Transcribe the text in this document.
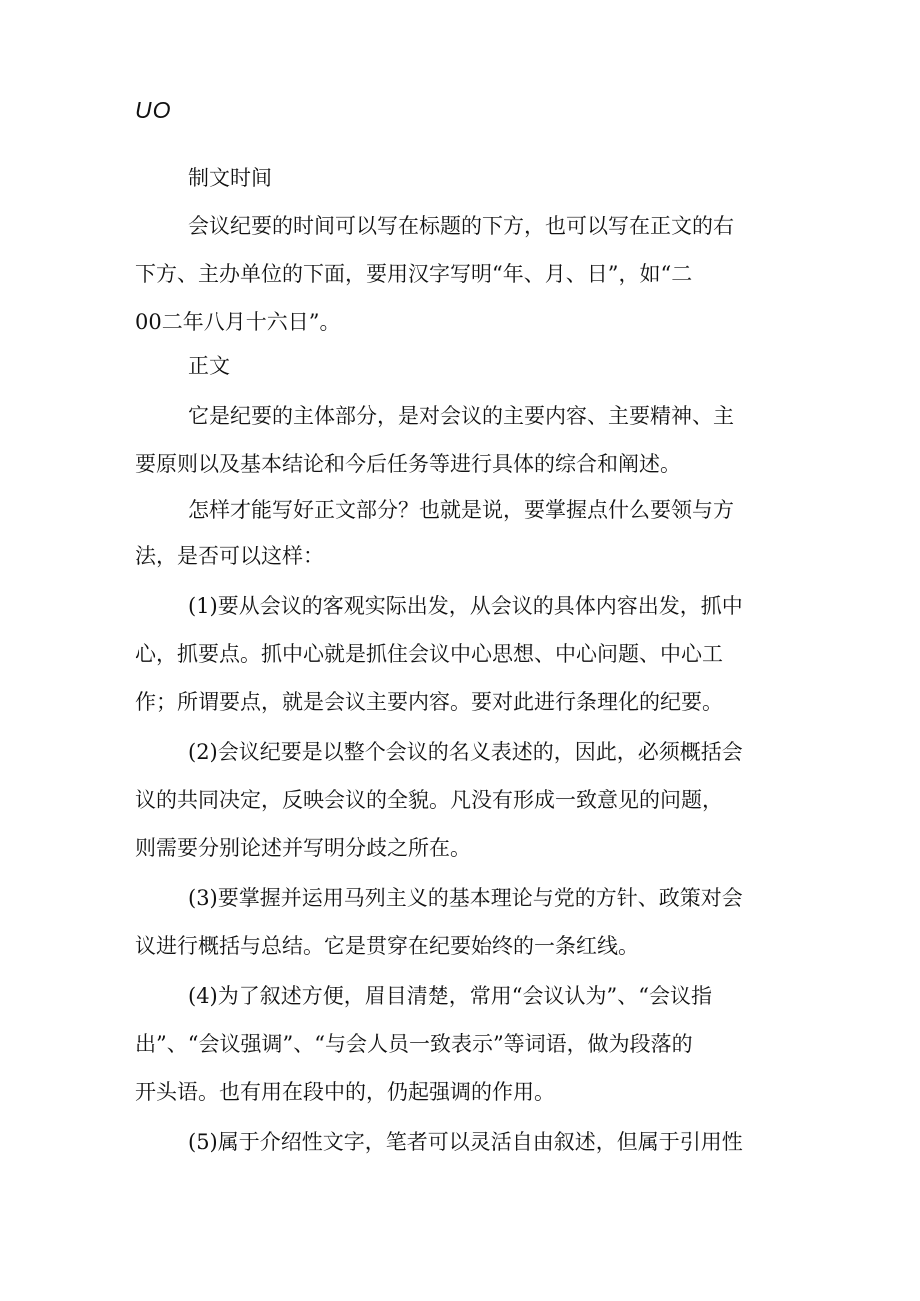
UO
制文时间
会议纪要的时间可以写在标题的下方，也可以写在正文的右
下方、主办单位的下面，要用汉字写明“年、月、日”，如“二
00二年八月十六日”。
正文
它是纪要的主体部分，是对会议的主要内容、主要精神、主
要原则以及基本结论和今后任务等进行具体的综合和阐述。
怎样才能写好正文部分？也就是说，要掌握点什么要领与方
法，是否可以这样：
(1)要从会议的客观实际出发，从会议的具体内容出发，抓中
心，抓要点。抓中心就是抓住会议中心思想、中心问题、中心工
作；所谓要点，就是会议主要内容。要对此进行条理化的纪要。
(2)会议纪要是以整个会议的名义表述的，因此，必须概括会
议的共同决定，反映会议的全貌。凡没有形成一致意见的问题，
则需要分别论述并写明分歧之所在。
(3)要掌握并运用马列主义的基本理论与党的方针、政策对会
议进行概括与总结。它是贯穿在纪要始终的一条红线。
(4)为了叙述方便，眉目清楚，常用“会议认为”、“会议指
出”、“会议强调”、“与会人员一致表示”等词语，做为段落的
开头语。也有用在段中的，仍起强调的作用。
(5)属于介绍性文字，笔者可以灵活自由叙述，但属于引用性
